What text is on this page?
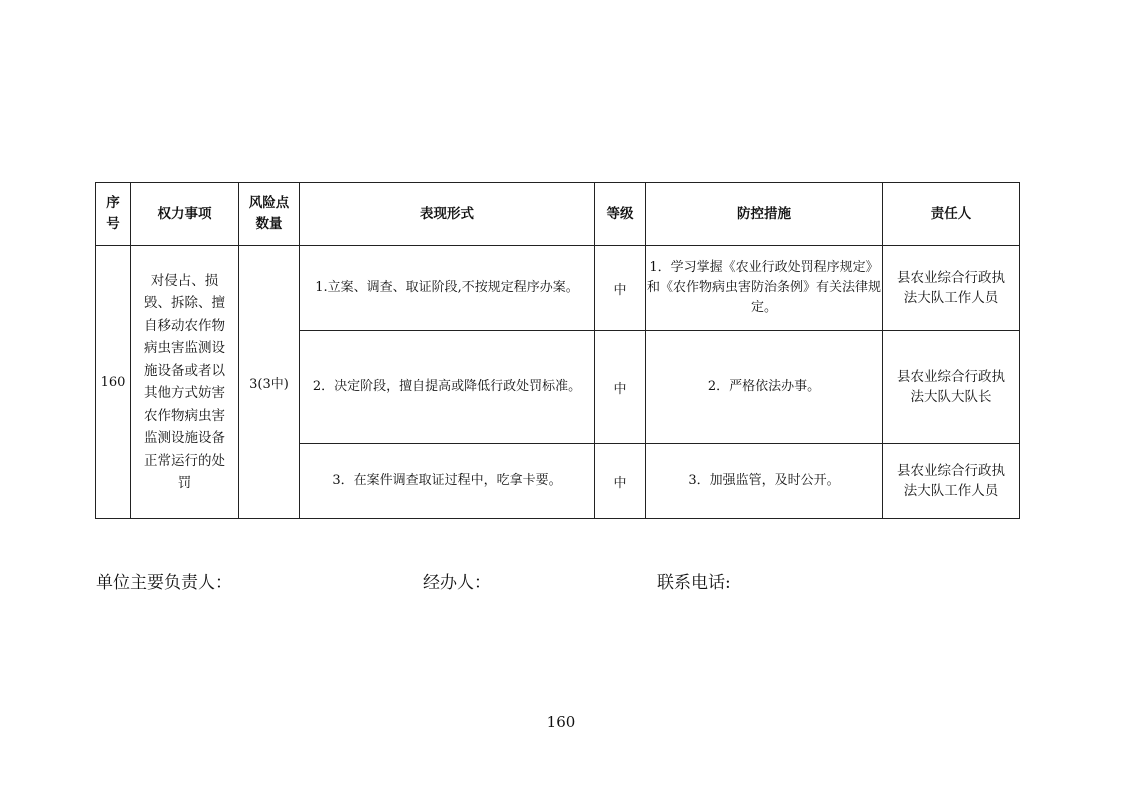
序号	权力事项	风险点数量	表现形式	等级	防控措施	责任人
160	对侵占、损毁、拆除、擅自移动农作物病虫害监测设施设备或者以其他方式妨害农作物病虫害监测设施设备正常运行的处罚	3(3中)	1.立案、调查、取证阶段,不按规定程序办案。	中	1．学习掌握《农业行政处罚程序规定》和《农作物病虫害防治条例》有关法律规定。	县农业综合行政执法大队工作人员
			2．决定阶段，擅自提高或降低行政处罚标准。	中	2．严格依法办事。	县农业综合行政执法大队大队长
			3．在案件调查取证过程中，吃拿卡要。	中	3．加强监管，及时公开。	县农业综合行政执法大队工作人员
单位主要负责人：	经办人：	联系电话:
160
